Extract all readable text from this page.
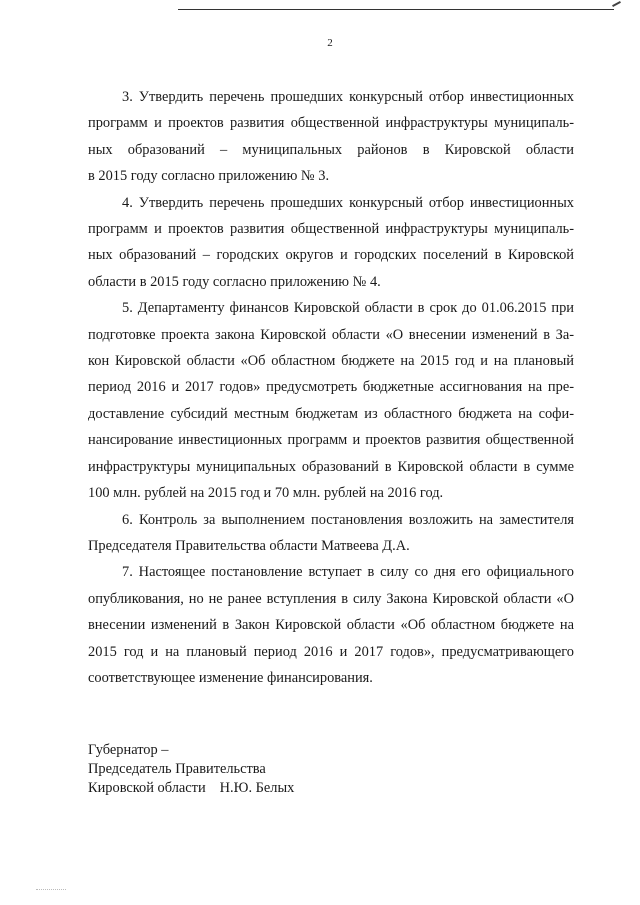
2

3. Утвердить перечень прошедших конкурсный отбор инвестиционных
программ и проектов развития общественной инфраструктуры муниципаль-
ных образований – муниципальных районов в Кировской области
в 2015 году согласно приложению № 3.

4. Утвердить перечень прошедших конкурсный отбор инвестиционных
программ и проектов развития общественной инфраструктуры муниципаль-
ных образований – городских округов и городских поселений в Кировской
области в 2015 году согласно приложению № 4.

5. Департаменту финансов Кировской области в срок до 01.06.2015 при
подготовке проекта закона Кировской области «О внесении изменений в За-
кон Кировской области «Об областном бюджете на 2015 год и на плановый
период 2016 и 2017 годов» предусмотреть бюджетные ассигнования на пре-
доставление субсидий местным бюджетам из областного бюджета на софи-
нансирование инвестиционных программ и проектов развития общественной
инфраструктуры муниципальных образований в Кировской области в сумме
100 млн. рублей на 2015 год и 70 млн. рублей на 2016 год.

6. Контроль за выполнением постановления возложить на заместителя
Председателя Правительства области Матвеева Д.А.

7. Настоящее постановление вступает в силу со дня его официального
опубликования, но не ранее вступления в силу Закона Кировской области «О
внесении изменений в Закон Кировской области «Об областном бюджете на
2015 год и на плановый период 2016 и 2017 годов», предусматривающего
соответствующее изменение финансирования.

Губернатор –
Председатель Правительства
Кировской области Н.Ю. Белых
